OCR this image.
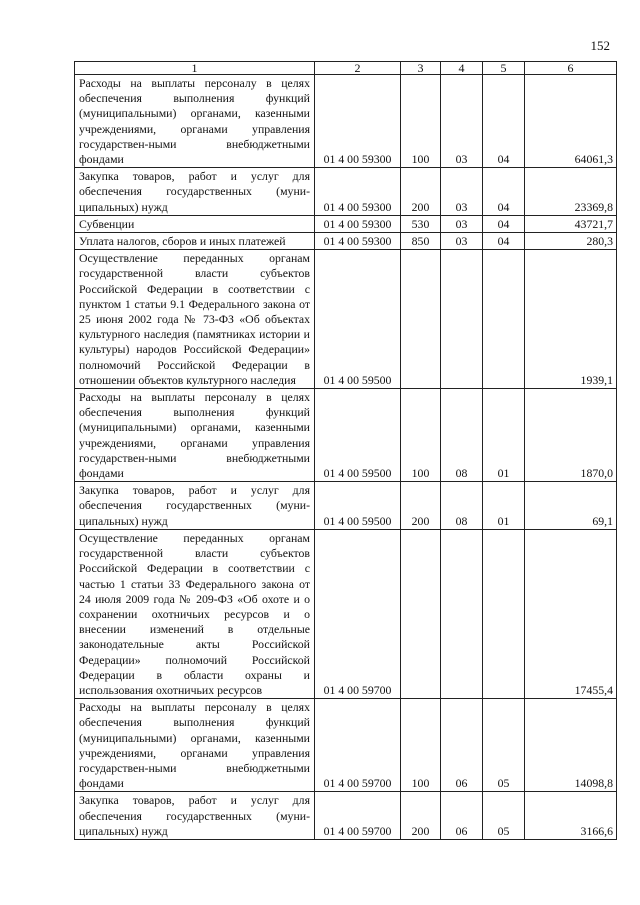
152
1	2	3	4	5	6
Расходы на выплаты персоналу в целях обеспечения выполнения функций (муниципальными) органами, казенными учреждениями, органами управления государствен-ными внебюджетными фондами	01 4 00 59300	100	03	04	64061,3
Закупка товаров, работ и услуг для обеспечения государственных (муни-ципальных) нужд	01 4 00 59300	200	03	04	23369,8
Субвенции	01 4 00 59300	530	03	04	43721,7
Уплата налогов, сборов и иных платежей	01 4 00 59300	850	03	04	280,3
Осуществление переданных органам государственной власти субъектов Российской Федерации в соответствии с пунктом 1 статьи 9.1 Федерального закона от 25 июня 2002 года № 73-ФЗ «Об объектах культурного наследия (памятниках истории и культуры) народов Российской Федерации» полномочий Российской Федерации в отношении объектов культурного наследия	01 4 00 59500				1939,1
Расходы на выплаты персоналу в целях обеспечения выполнения функций (муниципальными) органами, казенными учреждениями, органами управления государствен-ными внебюджетными фондами	01 4 00 59500	100	08	01	1870,0
Закупка товаров, работ и услуг для обеспечения государственных (муни-ципальных) нужд	01 4 00 59500	200	08	01	69,1
Осуществление переданных органам государственной власти субъектов Российской Федерации в соответствии с частью 1 статьи 33 Федерального закона от 24 июля 2009 года № 209-ФЗ «Об охоте и о сохранении охотничьих ресурсов и о внесении изменений в отдельные законодательные акты Российской Федерации» полномочий Российской Федерации в области охраны и использования охотничьих ресурсов	01 4 00 59700				17455,4
Расходы на выплаты персоналу в целях обеспечения выполнения функций (муниципальными) органами, казенными учреждениями, органами управления государствен-ными внебюджетными фондами	01 4 00 59700	100	06	05	14098,8
Закупка товаров, работ и услуг для обеспечения государственных (муни-ципальных) нужд	01 4 00 59700	200	06	05	3166,6
